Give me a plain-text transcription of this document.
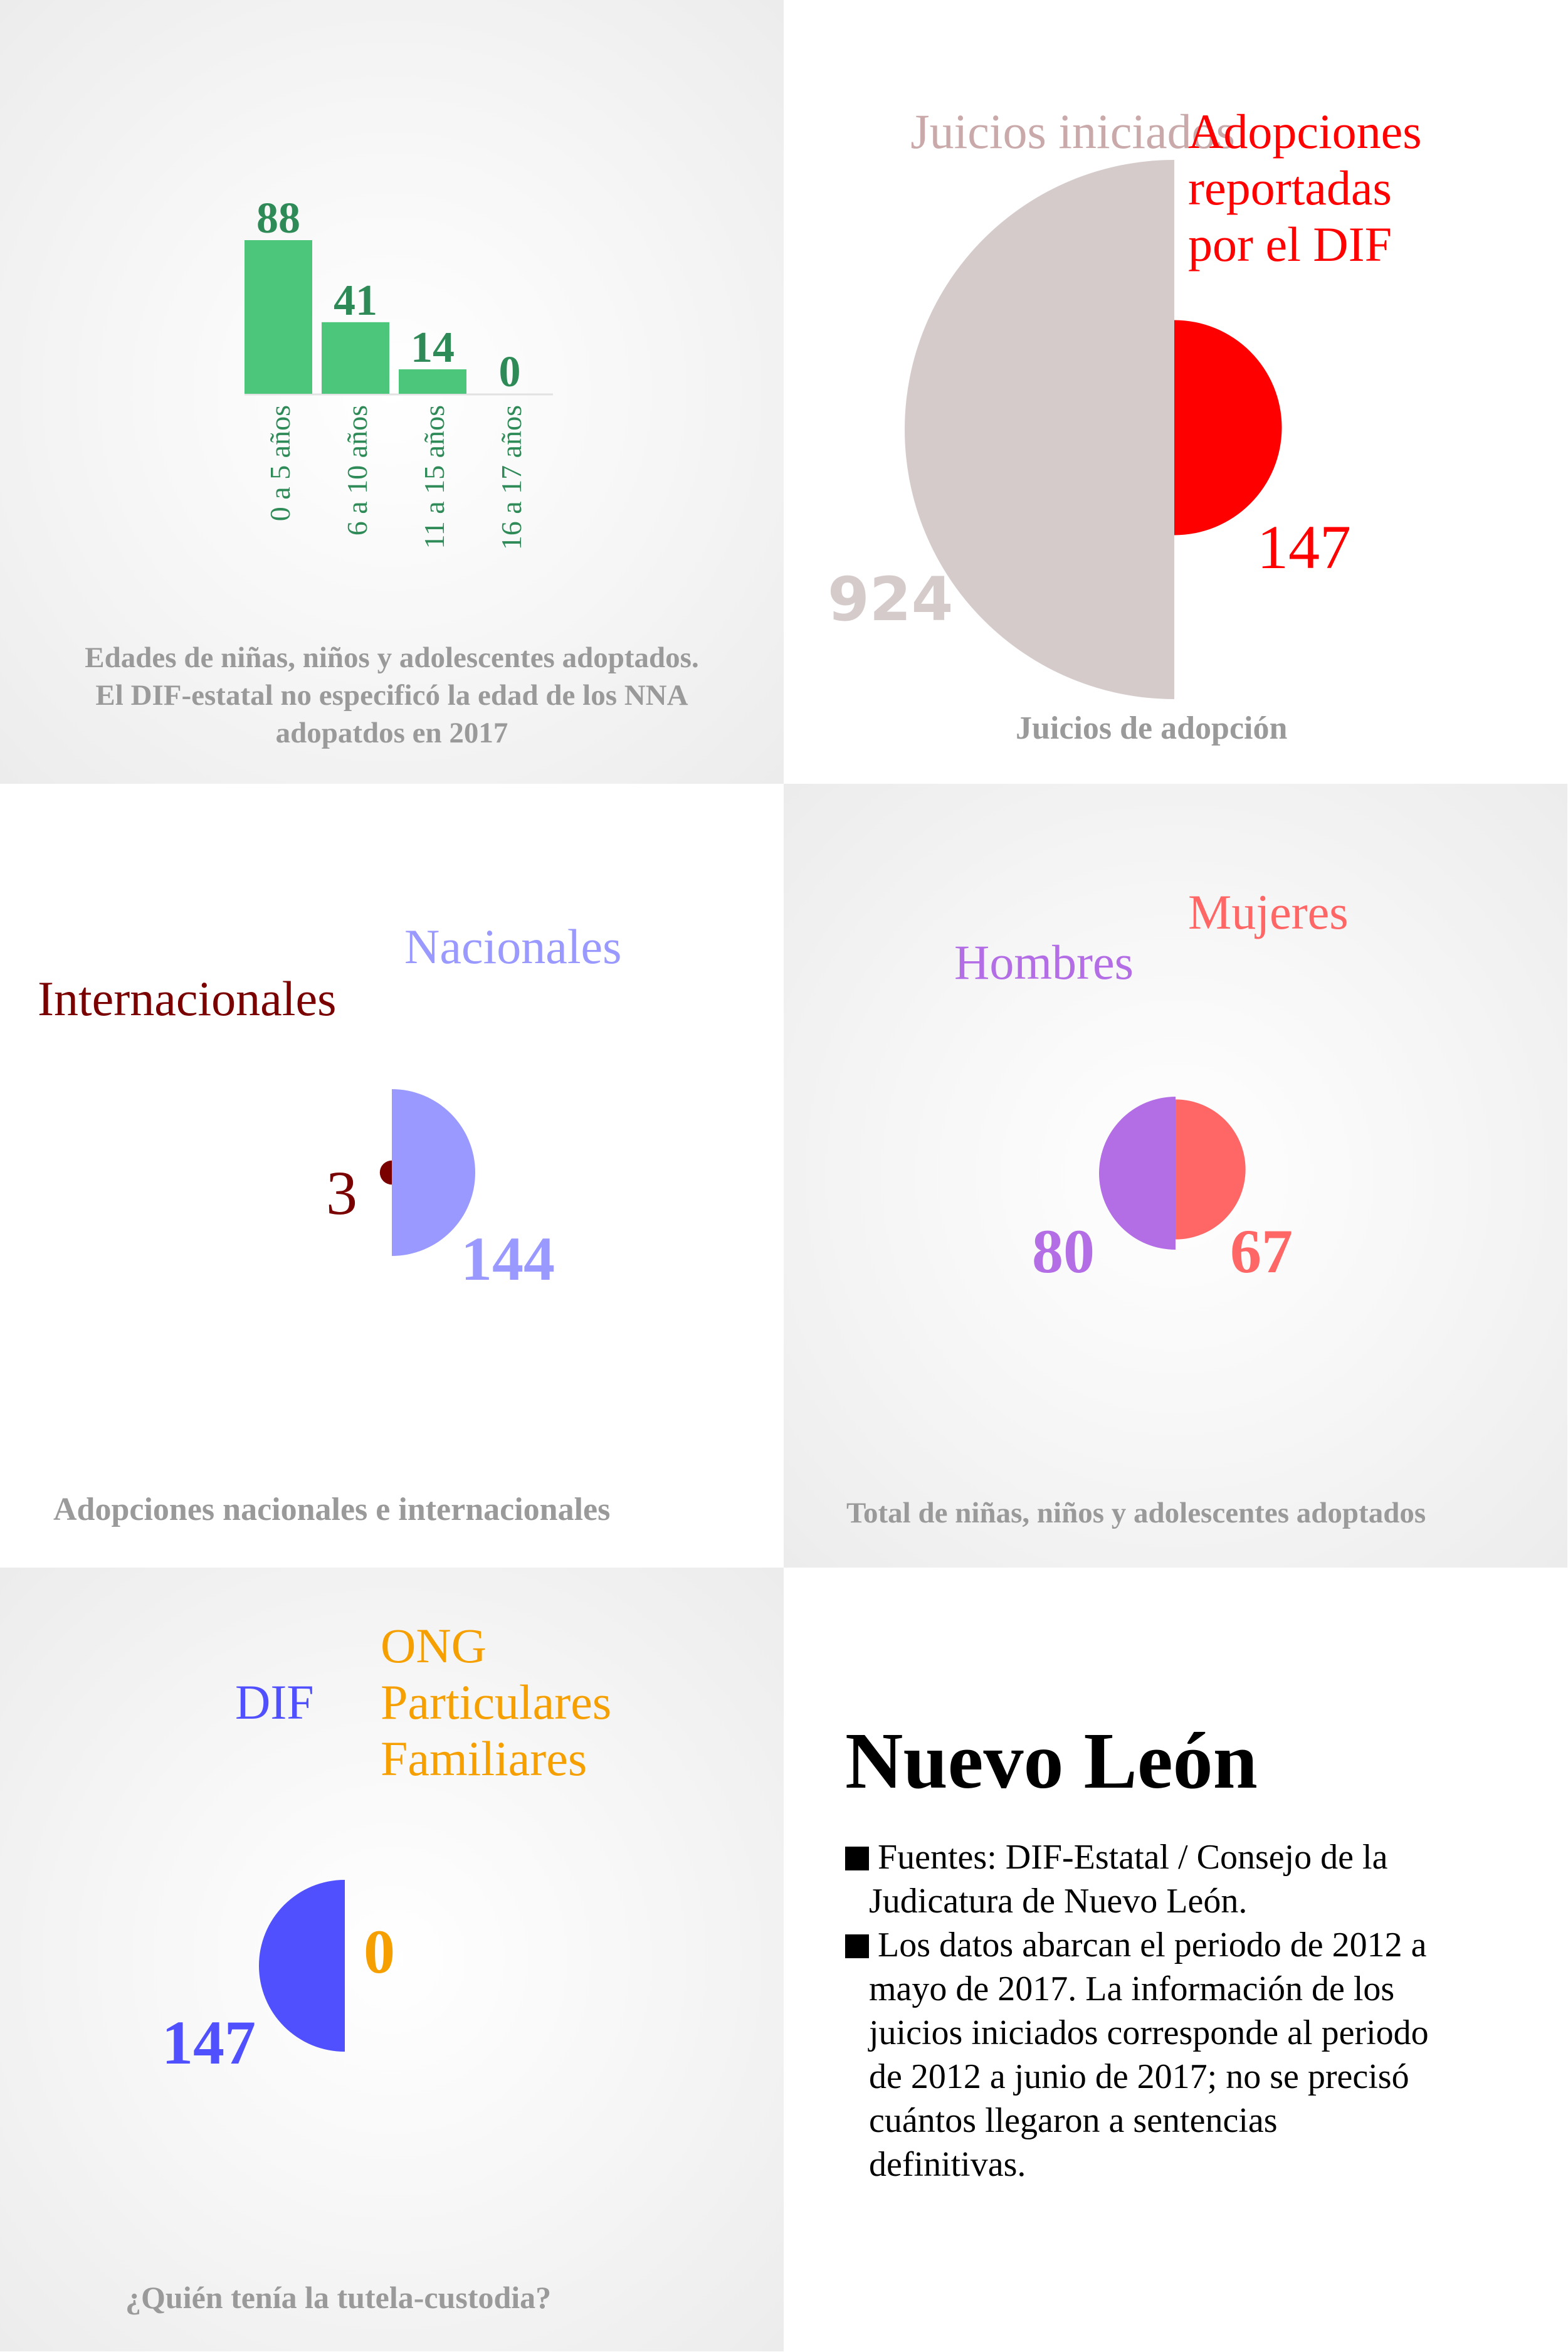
88
0 a 5 años
41
6 a 10 años
14
11 a 15 años
0
16 a 17 años
Edades de niñas, niños y adolescentes adoptados.
El DIF-estatal no especificó la edad de los NNA
adopatdos en 2017
Juicios iniciados
Adopciones
reportadas
por el DIF
924
147
Juicios de adopción
Nacionales
Internacionales
3
144
Adopciones nacionales e internacionales
Mujeres
Hombres
80 67
Total de niñas, niños y adolescentes adoptados
ONG
Particulares
Familiares
DIF
0
147
¿Quién tenía la tutela-custodia?
Nuevo León
Fuentes: DIF-Estatal / Consejo de la
Judicatura de Nuevo León.
Los datos abarcan el periodo de 2012 a
mayo de 2017. La información de los
juicios iniciados corresponde al periodo
de 2012 a junio de 2017; no se precisó
cuántos llegaron a sentencias
definitivas.
